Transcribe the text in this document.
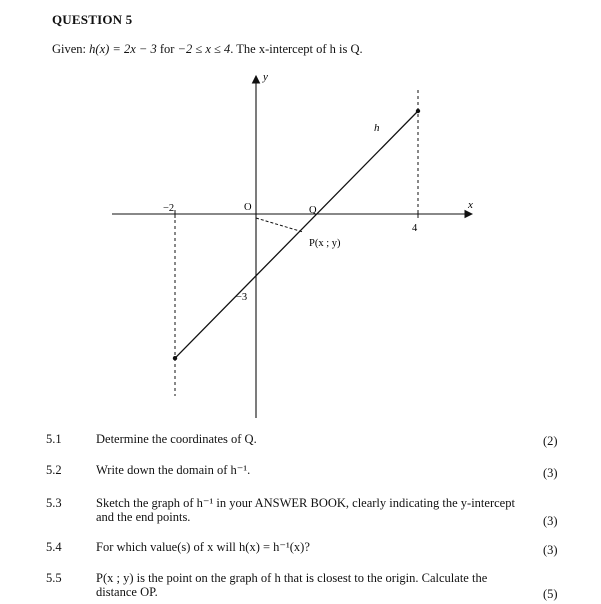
QUESTION 5
Given: h(x) = 2x − 3 for −2 ≤ x ≤ 4. The x-intercept of h is Q.
y
x
O
−2
4
−3
Q
P(x ; y)
h
5.1	Determine the coordinates of Q.	(2)
5.2	Write down the domain of h⁻¹.	(3)
5.3	Sketch the graph of h⁻¹ in your ANSWER BOOK, clearly indicating the y-intercept and the end points.	(3)
5.4	For which value(s) of x will h(x) = h⁻¹(x)?	(3)
5.5	P(x ; y) is the point on the graph of h that is closest to the origin. Calculate the distance OP.	(5)
